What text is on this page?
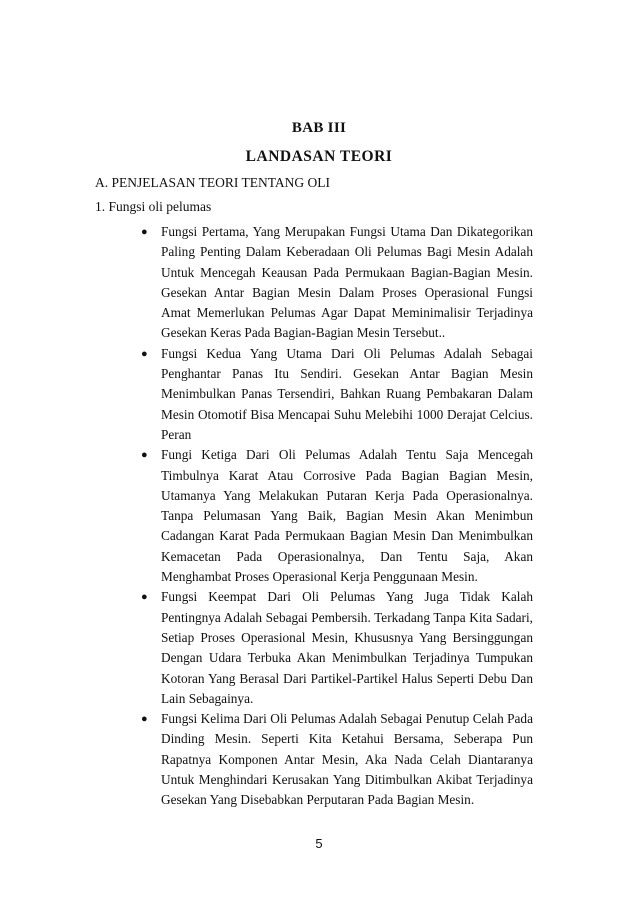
BAB III
LANDASAN TEORI
A. PENJELASAN TEORI TENTANG OLI
1. Fungsi oli pelumas
● Fungsi Pertama, Yang Merupakan Fungsi Utama Dan Dikategorikan Paling Penting Dalam Keberadaan Oli Pelumas Bagi Mesin Adalah Untuk Mencegah Keausan Pada Permukaan Bagian-Bagian Mesin. Gesekan Antar Bagian Mesin Dalam Proses Operasional Fungsi Amat Memerlukan Pelumas Agar Dapat Meminimalisir Terjadinya Gesekan Keras Pada Bagian-Bagian Mesin Tersebut..
● Fungsi Kedua Yang Utama Dari Oli Pelumas Adalah Sebagai Penghantar Panas Itu Sendiri. Gesekan Antar Bagian Mesin Menimbulkan Panas Tersendiri, Bahkan Ruang Pembakaran Dalam Mesin Otomotif Bisa Mencapai Suhu Melebihi 1000 Derajat Celcius. Peran
● Fungi Ketiga Dari Oli Pelumas Adalah Tentu Saja Mencegah Timbulnya Karat Atau Corrosive Pada Bagian Bagian Mesin, Utamanya Yang Melakukan Putaran Kerja Pada Operasionalnya. Tanpa Pelumasan Yang Baik, Bagian Mesin Akan Menimbun Cadangan Karat Pada Permukaan Bagian Mesin Dan Menimbulkan Kemacetan Pada Operasionalnya, Dan Tentu Saja, Akan Menghambat Proses Operasional Kerja Penggunaan Mesin.
● Fungsi Keempat Dari Oli Pelumas Yang Juga Tidak Kalah Pentingnya Adalah Sebagai Pembersih. Terkadang Tanpa Kita Sadari, Setiap Proses Operasional Mesin, Khususnya Yang Bersinggungan Dengan Udara Terbuka Akan Menimbulkan Terjadinya Tumpukan Kotoran Yang Berasal Dari Partikel-Partikel Halus Seperti Debu Dan Lain Sebagainya.
● Fungsi Kelima Dari Oli Pelumas Adalah Sebagai Penutup Celah Pada Dinding Mesin. Seperti Kita Ketahui Bersama, Seberapa Pun Rapatnya Komponen Antar Mesin, Aka Nada Celah Diantaranya Untuk Menghindari Kerusakan Yang Ditimbulkan Akibat Terjadinya Gesekan Yang Disebabkan Perputaran Pada Bagian Mesin.
5
